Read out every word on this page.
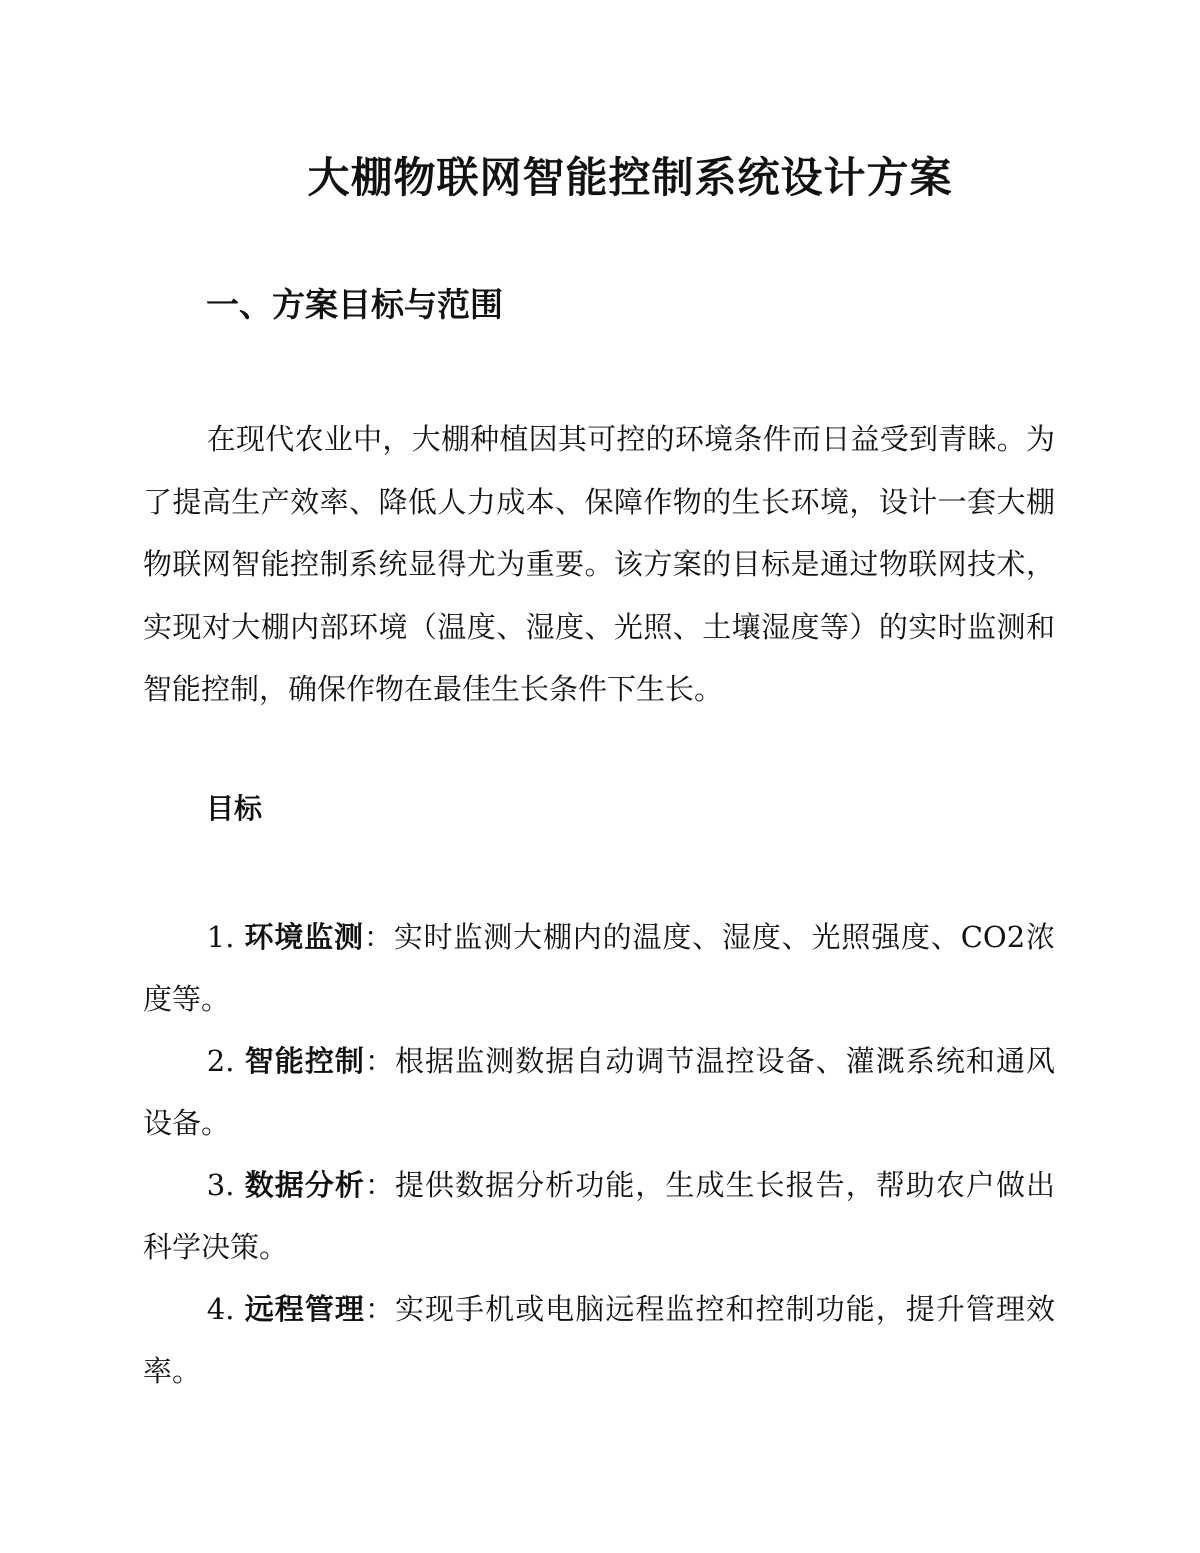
大棚物联网智能控制系统设计方案
一、方案目标与范围

在现代农业中，大棚种植因其可控的环境条件而日益受到青睐。为了提高生产效率、降低人力成本、保障作物的生长环境，设计一套大棚物联网智能控制系统显得尤为重要。该方案的目标是通过物联网技术，实现对大棚内部环境（温度、湿度、光照、土壤湿度等）的实时监测和智能控制，确保作物在最佳生长条件下生长。

目标
1. 环境监测：实时监测大棚内的温度、湿度、光照强度、CO2浓度等。
2. 智能控制：根据监测数据自动调节温控设备、灌溉系统和通风设备。
3. 数据分析：提供数据分析功能，生成生长报告，帮助农户做出科学决策。
4. 远程管理：实现手机或电脑远程监控和控制功能，提升管理效率。
